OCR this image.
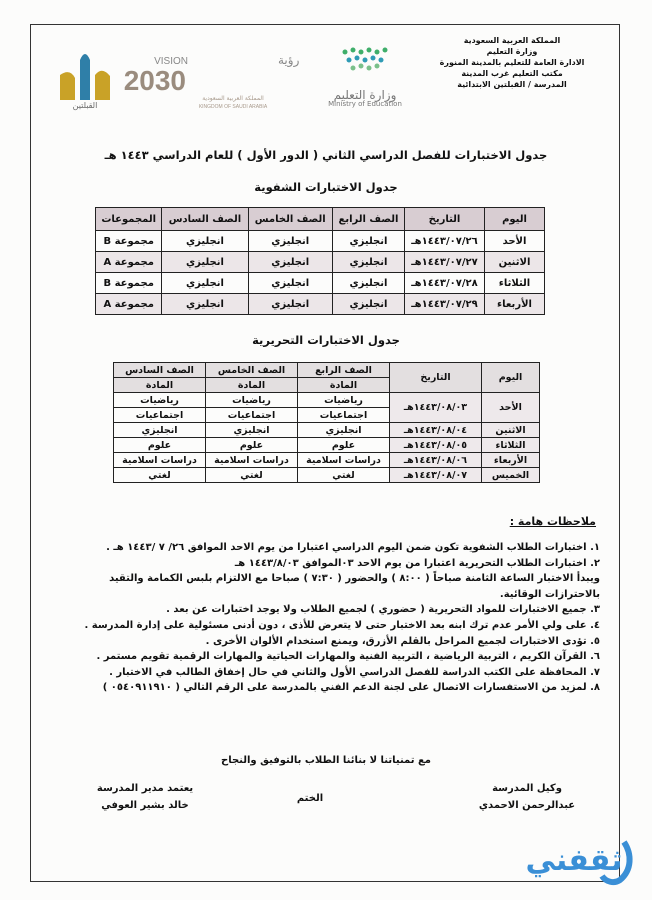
المملكة العربية السعودية
وزارة التعليم
الادارة العامة للتعليم بالمدينة المنورة
مكتب التعليم غرب المدينة
المدرسة / القبلتين الابتدائية
وزارة التعليم
Ministry of Education
VISION	رؤية
2030
المملكة العربية السعودية
KINGDOM OF SAUDI ARABIA
القبلتين
جدول الاختبارات للفصل الدراسي الثاني ( الدور الأول ) للعام الدراسي ١٤٤٣ هـ
جدول الاختبارات الشفوية
اليوم	التاريخ	الصف الرابع	الصف الخامس	الصف السادس	المجموعات
الأحد	١٤٤٣/٠٧/٢٦هـ	انجليزي	انجليزي	انجليزي	مجموعة B
الاثنين	١٤٤٣/٠٧/٢٧هـ	انجليزي	انجليزي	انجليزي	مجموعة A
الثلاثاء	١٤٤٣/٠٧/٢٨هـ	انجليزي	انجليزي	انجليزي	مجموعة B
الأربعاء	١٤٤٣/٠٧/٢٩هـ	انجليزي	انجليزي	انجليزي	مجموعة A
جدول الاختبارات التحريرية
اليوم	التاريخ	الصف الرابع	الصف الخامس	الصف السادس
		المادة	المادة	المادة
الأحد	١٤٤٣/٠٨/٠٣هـ	رياضيات	رياضيات	رياضيات
		اجتماعيات	اجتماعيات	اجتماعيات
الاثنين	١٤٤٣/٠٨/٠٤هـ	انجليزي	انجليزي	انجليزي
الثلاثاء	١٤٤٣/٠٨/٠٥هـ	علوم	علوم	علوم
الأربعاء	١٤٤٣/٠٨/٠٦هـ	دراسات اسلامية	دراسات اسلامية	دراسات اسلامية
الخميس	١٤٤٣/٠٨/٠٧هـ	لغتي	لغتي	لغتي
ملاحظات هامة :

١. اختبارات الطلاب الشفوية تكون ضمن اليوم الدراسي اعتبارا من يوم الاحد الموافق ٢٦/ ٧ /١٤٤٣ هـ .

٢. اختبارات الطلاب التحريرية اعتبارا من يوم الاحد ٠٣الموافق ١٤٤٣/٨/٠٣ هـ

ويبدأ الاختبار الساعة الثامنة صباحاً ( ٨:٠٠ ) والحضور ( ٧:٣٠ ) صباحا مع الالتزام بلبس الكمامة والتقيد بالاحترازات الوقائية.

٣. جميع الاختبارات للمواد التحريرية ( حضوري ) لجميع الطلاب ولا يوجد اختبارات عن بعد .

٤. على ولي الأمر عدم ترك ابنه بعد الاختبار حتى لا يتعرض للأذى ، دون أدنى مسئولية على إدارة المدرسة .

٥. تؤدى الاختبارات لجميع المراحل بالقلم الأزرق، ويمنع استخدام الألوان الأخرى .

٦. القرآن الكريم ، التربية الرياضية ، التربية الفنية والمهارات الحياتية والمهارات الرقمية تقويم مستمر .

٧. المحافظة على الكتب الدراسة للفصل الدراسي الأول والثاني في حال إخفاق الطالب في الاختبار .

٨. لمزيد من الاستفسارات الاتصال على لجنة الدعم الفني بالمدرسة على الرقم التالي ( ٠٥٤٠٩١١٩١٠ )

مع تمنياتنا لا بنائنا الطلاب بالتوفيق والنجاح
وكيل المدرسة
عبدالرحمن الاحمدي
الختم
يعتمد مدير المدرسة
خالد بشير العوفي
ثقفني
